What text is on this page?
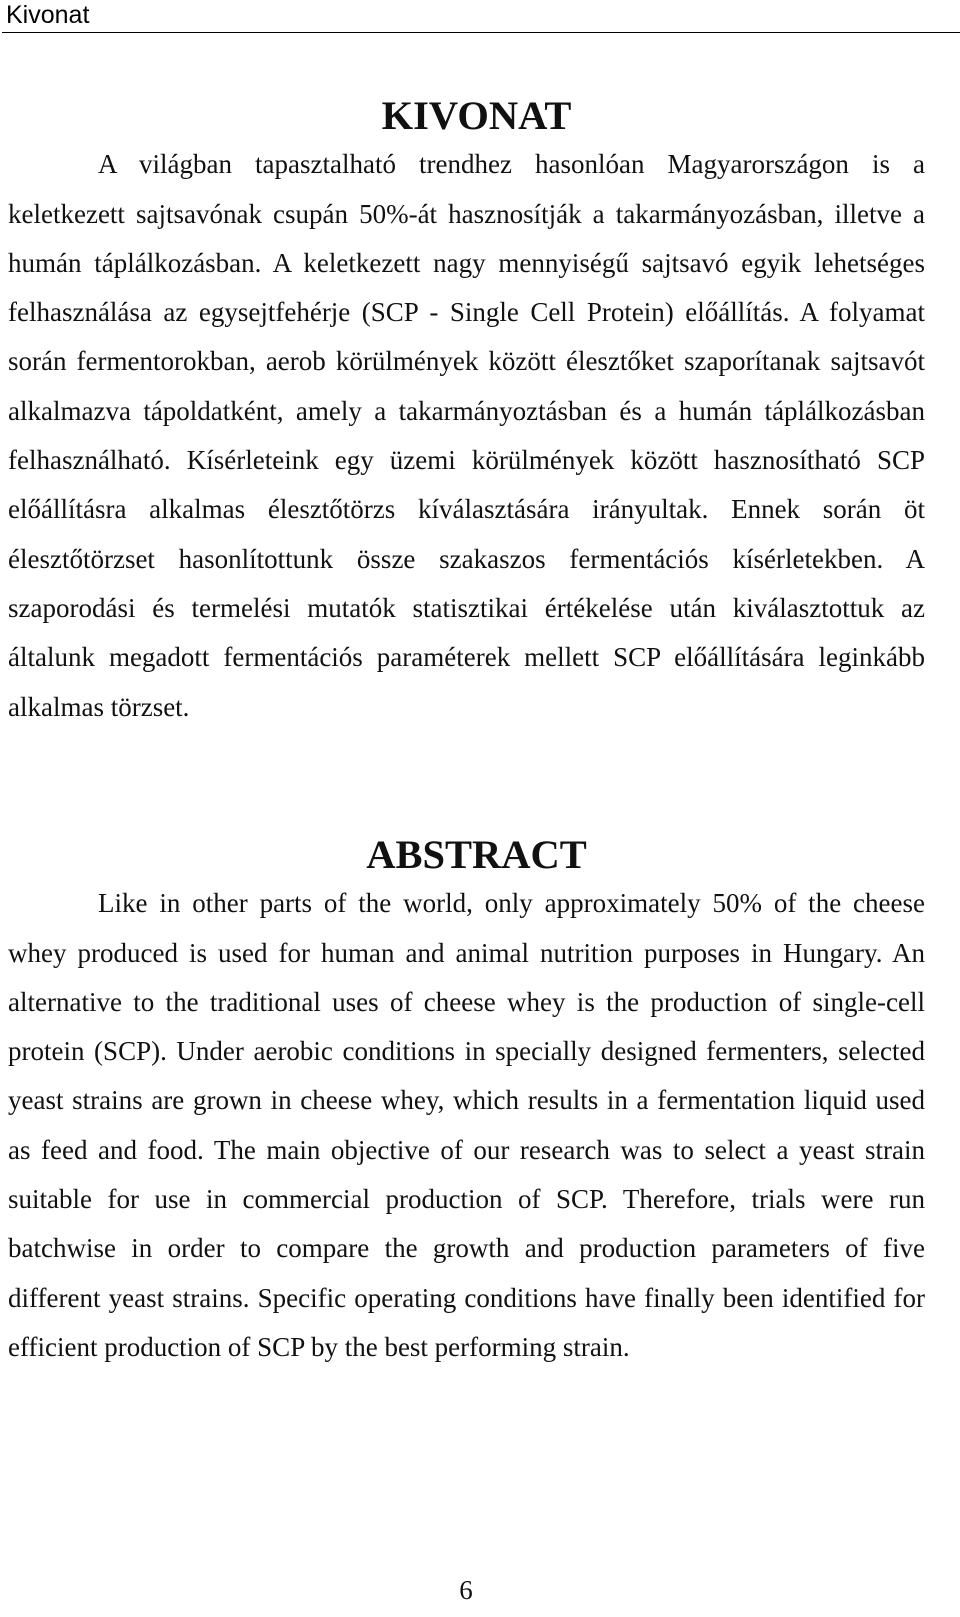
Kivonat
KIVONAT

A világban tapasztalható trendhez hasonlóan Magyarországon is a keletkezett sajtsavónak csupán 50%-át hasznosítják a takarmányozásban, illetve a humán táplálkozásban. A keletkezett nagy mennyiségű sajtsavó egyik lehetséges felhasználása az egysejtfehérje (SCP - Single Cell Protein) előállítás. A folyamat során fermentorokban, aerob körülmények között élesztőket szaporítanak sajtsavót alkalmazva tápoldatként, amely a takarmányoztásban és a humán táplálkozásban felhasználható. Kísérleteink egy üzemi körülmények között hasznosítható SCP előállításra alkalmas élesztőtörzs kíválasztására irányultak. Ennek során öt élesztőtörzset hasonlítottunk össze szakaszos fermentációs kísérletekben. A szaporodási és termelési mutatók statisztikai értékelése után kiválasztottuk az általunk megadott fermentációs paraméterek mellett SCP előállítására leginkább alkalmas törzset.

ABSTRACT

Like in other parts of the world, only approximately 50% of the cheese whey produced is used for human and animal nutrition purposes in Hungary. An alternative to the traditional uses of cheese whey is the production of single-cell protein (SCP). Under aerobic conditions in specially designed fermenters, selected yeast strains are grown in cheese whey, which results in a fermentation liquid used as feed and food. The main objective of our research was to select a yeast strain suitable for use in commercial production of SCP. Therefore, trials were run batchwise in order to compare the growth and production parameters of five different yeast strains. Specific operating conditions have finally been identified for efficient production of SCP by the best performing strain.

6
